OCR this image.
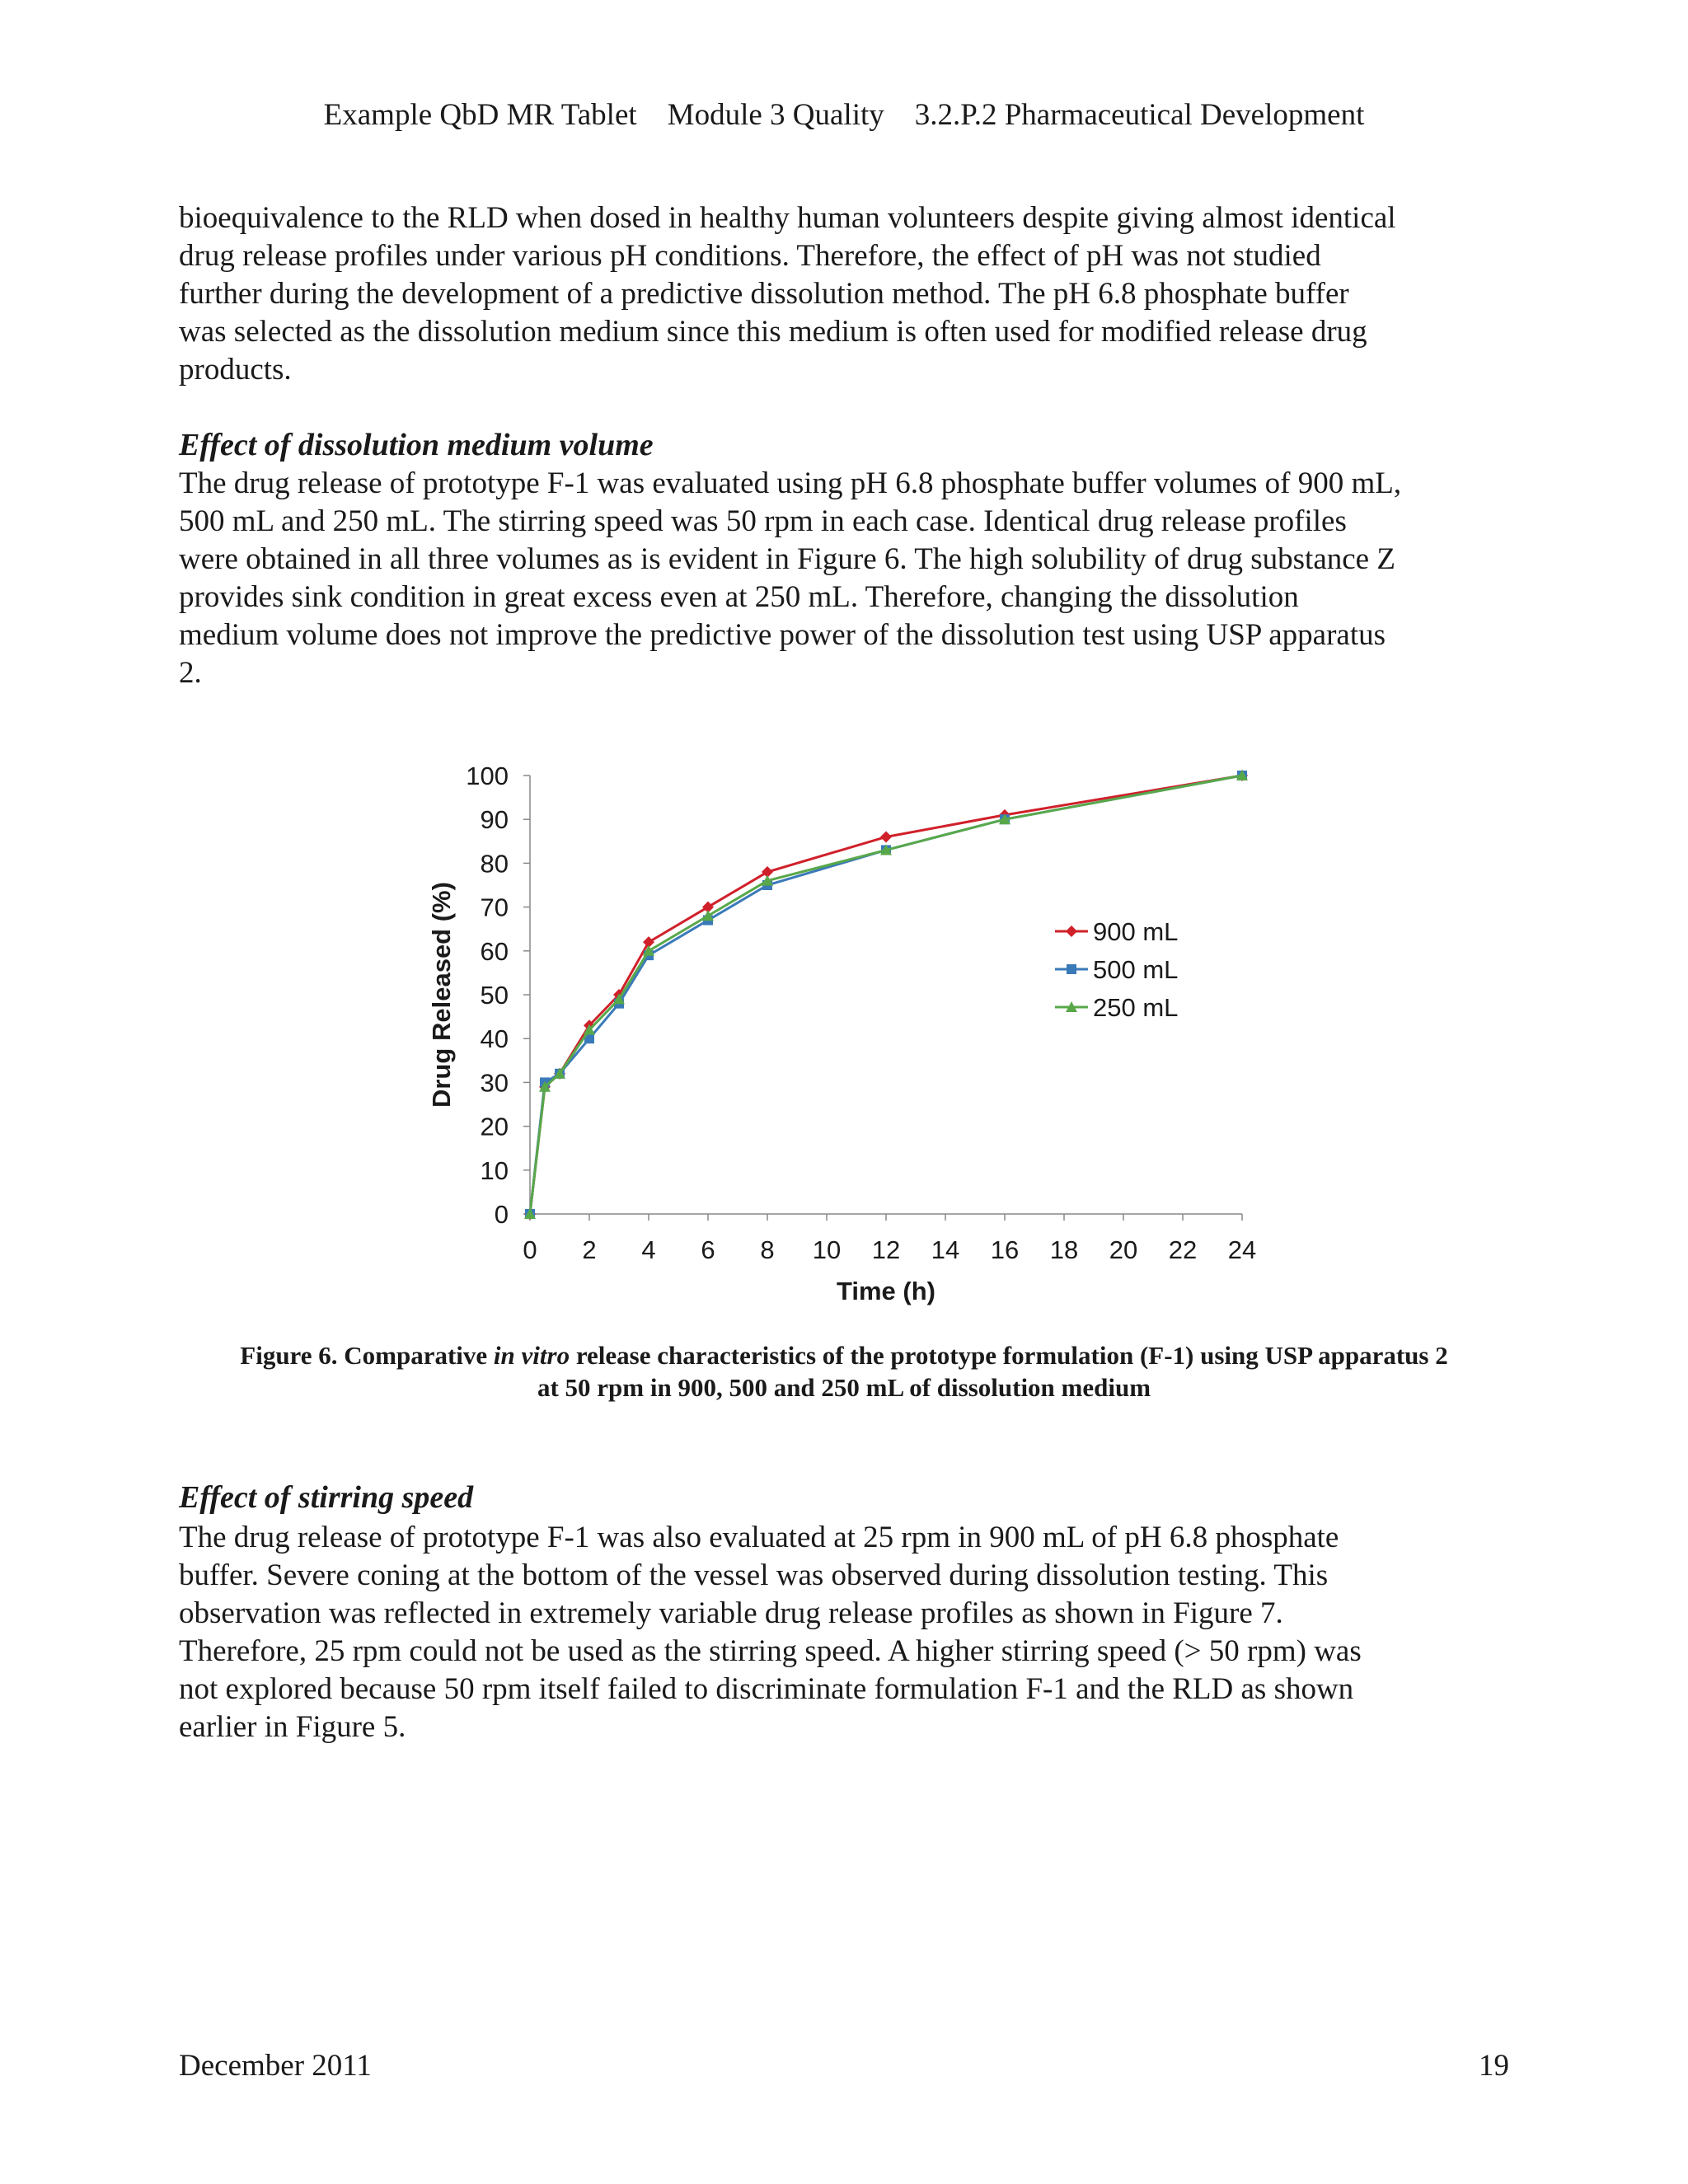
Example QbD MR Tablet    Module 3 Quality    3.2.P.2 Pharmaceutical Development
bioequivalence to the RLD when dosed in healthy human volunteers despite giving almost identical
drug release profiles under various pH conditions. Therefore, the effect of pH was not studied
further during the development of a predictive dissolution method. The pH 6.8 phosphate buffer
was selected as the dissolution medium since this medium is often used for modified release drug
products.
Effect of dissolution medium volume
The drug release of prototype F-1 was evaluated using pH 6.8 phosphate buffer volumes of 900 mL,
500 mL and 250 mL. The stirring speed was 50 rpm in each case. Identical drug release profiles
were obtained in all three volumes as is evident in Figure 6. The high solubility of drug substance Z
provides sink condition in great excess even at 250 mL. Therefore, changing the dissolution
medium volume does not improve the predictive power of the dissolution test using USP apparatus
2.
0
10
20
30
40
50
60
70
80
90
100
0 2 4 6 8 10 12 14 16 18 20 22 24
Time (h)
Drug Released (%)	900 mL
500 mL
250 mL
Figure 6. Comparative in vitro release characteristics of the prototype formulation (F-1) using USP apparatus 2
at 50 rpm in 900, 500 and 250 mL of dissolution medium
Effect of stirring speed
The drug release of prototype F-1 was also evaluated at 25 rpm in 900 mL of pH 6.8 phosphate
buffer. Severe coning at the bottom of the vessel was observed during dissolution testing. This
observation was reflected in extremely variable drug release profiles as shown in Figure 7.
Therefore, 25 rpm could not be used as the stirring speed. A higher stirring speed (> 50 rpm) was
not explored because 50 rpm itself failed to discriminate formulation F-1 and the RLD as shown
earlier in Figure 5.
December 2011	19
